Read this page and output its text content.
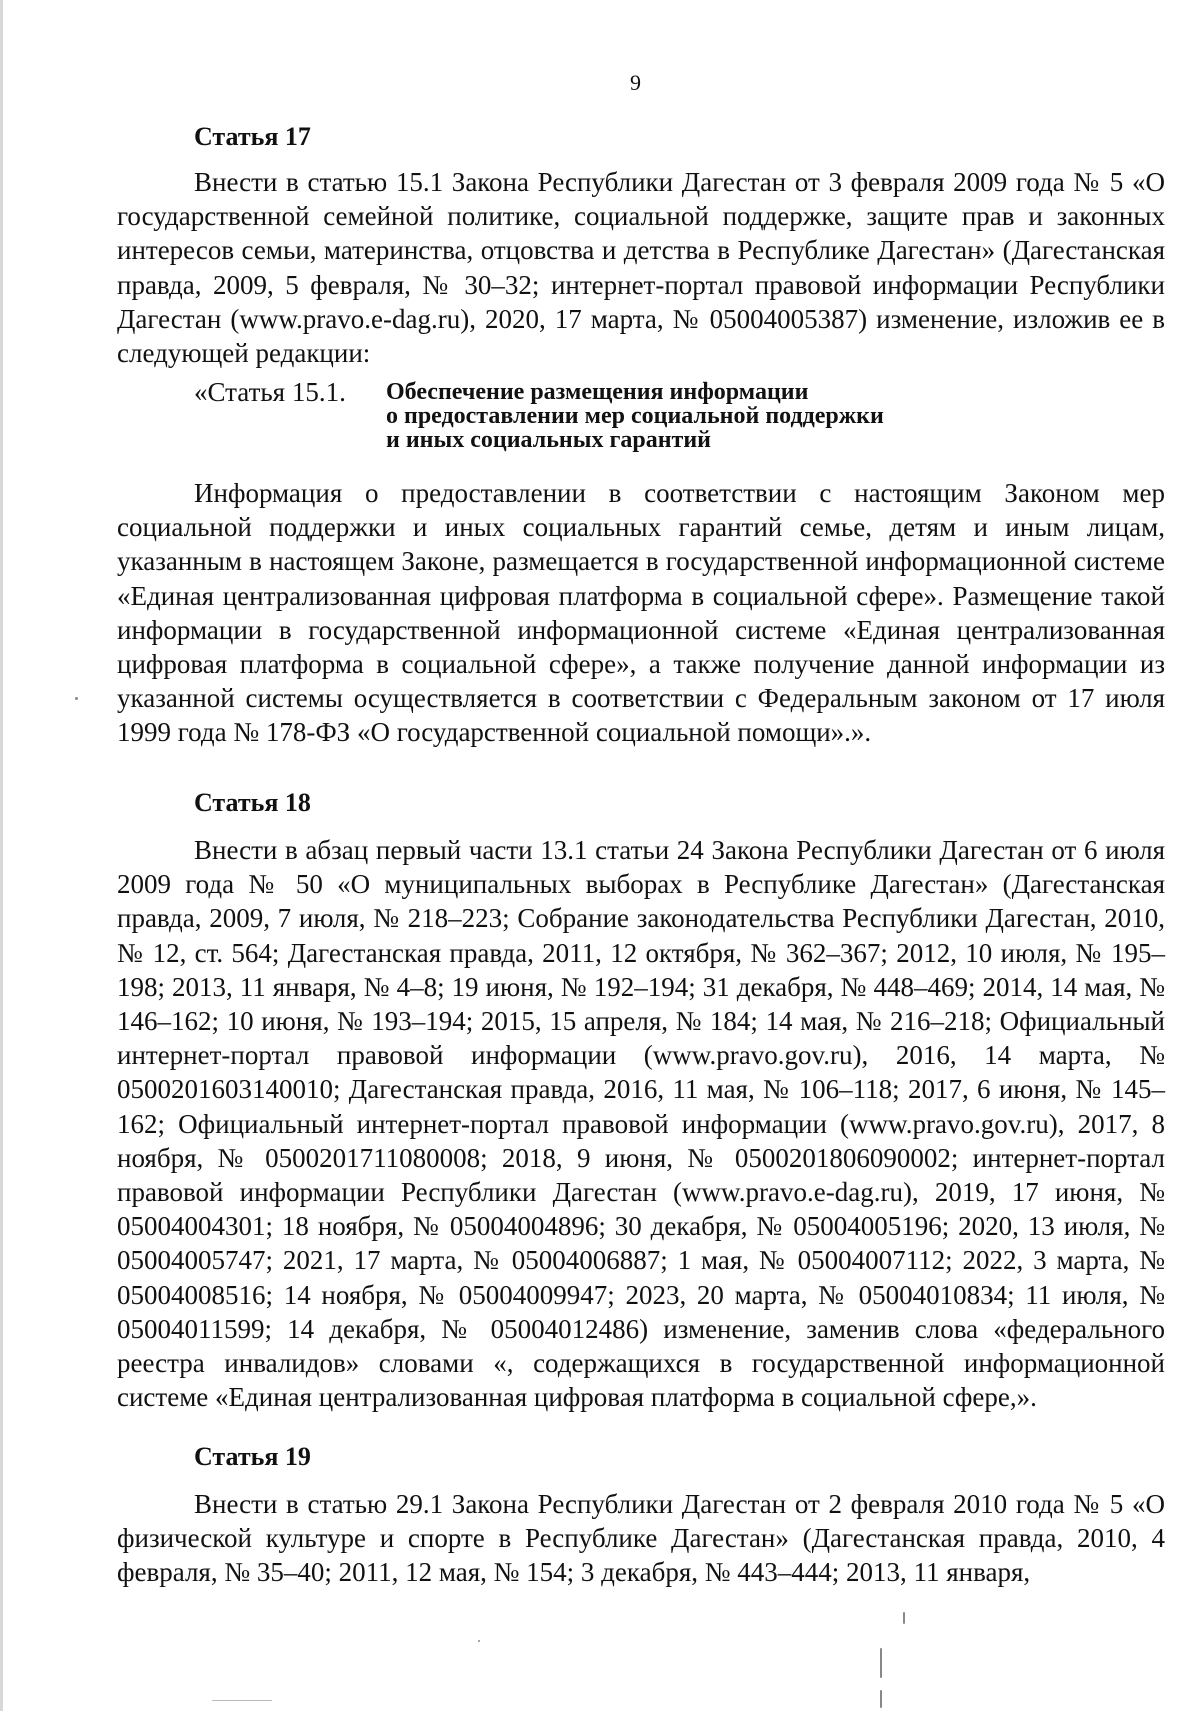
9
Статья 17

Внести в статью 15.1 Закона Республики Дагестан от 3 февраля 2009 года № 5 «О государственной семейной политике, социальной поддержке, защите прав и законных интересов семьи, материнства, отцовства и детства в Республике Дагестан» (Дагестанская правда, 2009, 5 февраля, № 30–32; интернет-портал правовой информации Республики Дагестан (www.pravo.e-dag.ru), 2020, 17 марта, № 05004005387) изменение, изложив ее в следующей редакции:

«Статья 15.1. Обеспечение размещения информации
о предоставлении мер социальной поддержки
и иных социальных гарантий

Информация о предоставлении в соответствии с настоящим Законом мер социальной поддержки и иных социальных гарантий семье, детям и иным лицам, указанным в настоящем Законе, размещается в государственной информационной системе «Единая централизованная цифровая платформа в социальной сфере». Размещение такой информации в государственной информационной системе «Единая централизованная цифровая платформа в социальной сфере», а также получение данной информации из указанной системы осуществляется в соответствии с Федеральным законом от 17 июля 1999 года № 178-ФЗ «О государственной социальной помощи».».

Статья 18

Внести в абзац первый части 13.1 статьи 24 Закона Республики Дагестан от 6 июля 2009 года № 50 «О муниципальных выборах в Республике Дагестан» (Дагестанская правда, 2009, 7 июля, № 218–223; Собрание законодательства Республики Дагестан, 2010, № 12, ст. 564; Дагестанская правда, 2011, 12 октября, № 362–367; 2012, 10 июля, № 195–198; 2013, 11 января, № 4–8; 19 июня, № 192–194; 31 декабря, № 448–469; 2014, 14 мая, № 146–162; 10 июня, № 193–194; 2015, 15 апреля, № 184; 14 мая, № 216–218; Официальный интернет-портал правовой информации (www.pravo.gov.ru), 2016, 14 марта, № 0500201603140010; Дагестанская правда, 2016, 11 мая, № 106–118; 2017, 6 июня, № 145–162; Официальный интернет-портал правовой информации (www.pravo.gov.ru), 2017, 8 ноября, № 0500201711080008; 2018, 9 июня, № 0500201806090002; интернет-портал правовой информации Республики Дагестан (www.pravo.e-dag.ru), 2019, 17 июня, № 05004004301; 18 ноября, № 05004004896; 30 декабря, № 05004005196; 2020, 13 июля, № 05004005747; 2021, 17 марта, № 05004006887; 1 мая, № 05004007112; 2022, 3 марта, № 05004008516; 14 ноября, № 05004009947; 2023, 20 марта, № 05004010834; 11 июля, № 05004011599; 14 декабря, № 05004012486) изменение, заменив слова «федерального реестра инвалидов» словами «, содержащихся в государственной информационной системе «Единая централизованная цифровая платформа в социальной сфере,».

Статья 19

Внести в статью 29.1 Закона Республики Дагестан от 2 февраля 2010 года № 5 «О физической культуре и спорте в Республике Дагестан» (Дагестанская правда, 2010, 4 февраля, № 35–40; 2011, 12 мая, № 154; 3 декабря, № 443–444; 2013, 11 января,
